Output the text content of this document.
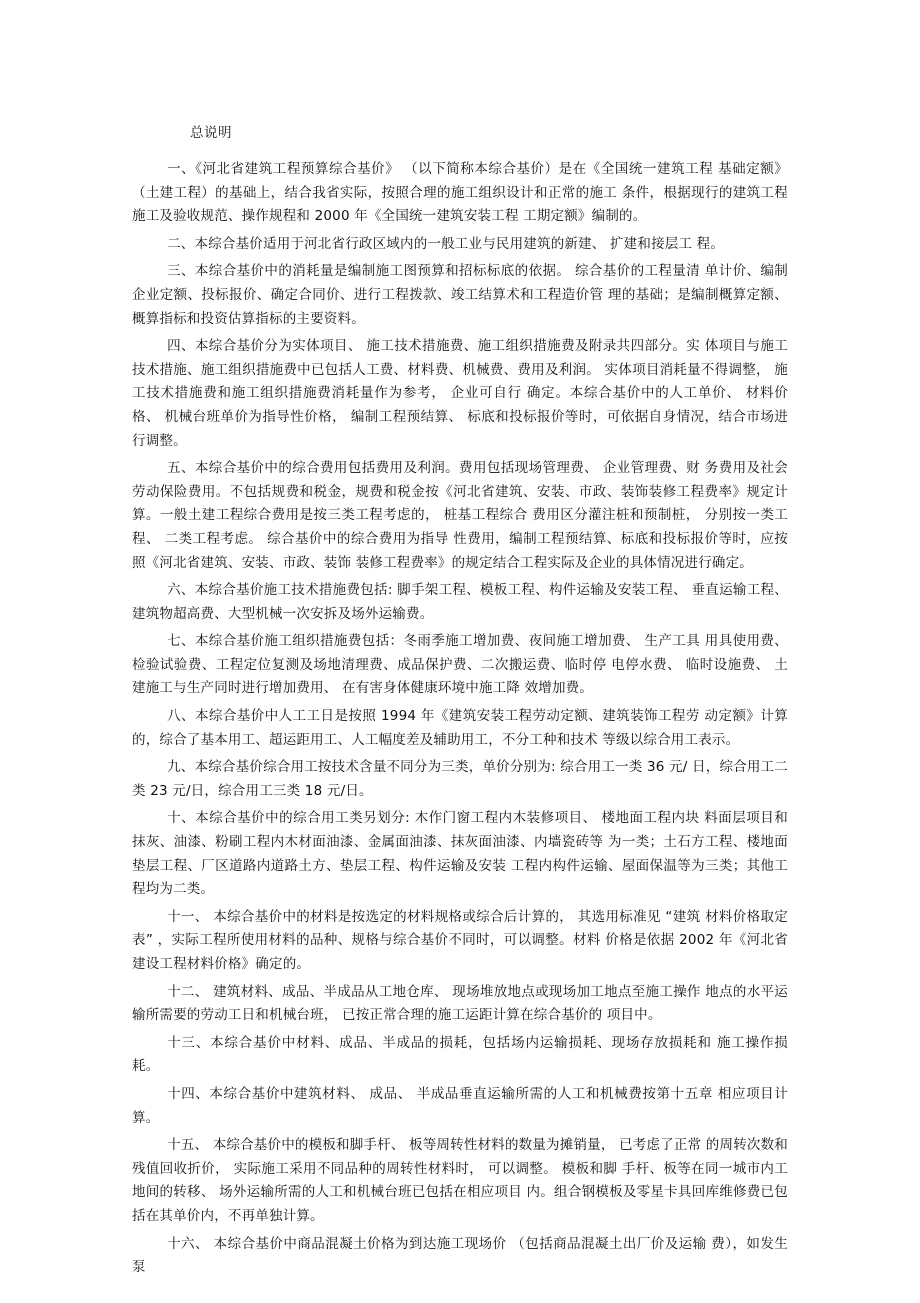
总说明

一、《河北省建筑工程预算综合基价》 （以下简称本综合基价）是在《全国统一建筑工程 基础定额》（土建工程）的基础上，结合我省实际，按照合理的施工组织设计和正常的施工 条件，根据现行的建筑工程施工及验收规范、操作规程和 2000 年《全国统一建筑安装工程 工期定额》编制的。

二、本综合基价适用于河北省行政区域内的一般工业与民用建筑的新建、 扩建和接层工 程。

三、本综合基价中的消耗量是编制施工图预算和招标标底的依据。 综合基价的工程量清 单计价、编制企业定额、投标报价、确定合同价、进行工程拨款、竣工结算术和工程造价管 理的基础；是编制概算定额、概算指标和投资估算指标的主要资料。

四、本综合基价分为实体项目、 施工技术措施费、施工组织措施费及附录共四部分。实 体项目与施工技术措施、施工组织措施费中已包括人工费、材料费、机械费、费用及利润。 实体项目消耗量不得调整， 施工技术措施费和施工组织措施费消耗量作为参考， 企业可自行 确定。本综合基价中的人工单价、 材料价格、 机械台班单价为指导性价格， 编制工程预结算、 标底和投标报价等时，可依据自身情况，结合市场进行调整。

五、本综合基价中的综合费用包括费用及利润。费用包括现场管理费、 企业管理费、财 务费用及社会劳动保险费用。不包括规费和税金，规费和税金按《河北省建筑、安装、市政、装饰装修工程费率》规定计算。一般土建工程综合费用是按三类工程考虑的， 桩基工程综合 费用区分灌注桩和预制桩， 分别按一类工程、 二类工程考虑。 综合基价中的综合费用为指导 性费用，编制工程预结算、标底和投标报价等时，应按照《河北省建筑、安装、市政、装饰 装修工程费率》的规定结合工程实际及企业的具体情况进行确定。

六、本综合基价施工技术措施费包括: 脚手架工程、模板工程、构件运输及安装工程、 垂直运输工程、建筑物超高费、大型机械一次安拆及场外运输费。

七、本综合基价施工组织措施费包括：冬雨季施工增加费、夜间施工增加费、 生产工具 用具使用费、检验试验费、工程定位复测及场地清理费、成品保护费、二次搬运费、临时停 电停水费、 临时设施费、 土建施工与生产同时进行增加费用、 在有害身体健康环境中施工降 效增加费。

八、本综合基价中人工工日是按照 1994 年《建筑安装工程劳动定额、建筑装饰工程劳 动定额》计算的，综合了基本用工、超运距用工、人工幅度差及辅助用工，不分工种和技术 等级以综合用工表示。

九、本综合基价综合用工按技术含量不同分为三类，单价分别为: 综合用工一类 36 元/ 日，综合用工二类 23 元/日，综合用工三类 18 元/日。

十、本综合基价中的综合用工类另划分: 木作门窗工程内木装修项目、 楼地面工程内块 料面层项目和抹灰、油漆、粉刷工程内木材面油漆、金属面油漆、抹灰面油漆、内墙瓷砖等 为一类；土石方工程、楼地面垫层工程、厂区道路内道路土方、垫层工程、构件运输及安装 工程内构件运输、屋面保温等为三类；其他工程均为二类。

十一、 本综合基价中的材料是按选定的材料规格或综合后计算的， 其选用标准见 “建筑 材料价格取定表” ，实际工程所使用材料的品种、规格与综合基价不同时，可以调整。材料 价格是依据 2002 年《河北省建设工程材料价格》确定的。

十二、 建筑材料、成品、半成品从工地仓库、 现场堆放地点或现场加工地点至施工操作 地点的水平运输所需要的劳动工日和机械台班， 已按正常合理的施工运距计算在综合基价的 项目中。

十三、本综合基价中材料、成品、半成品的损耗，包括场内运输损耗、现场存放损耗和 施工操作损耗。

十四、本综合基价中建筑材料、 成品、 半成品垂直运输所需的人工和机械费按第十五章 相应项目计算。

十五、 本综合基价中的模板和脚手杆、 板等周转性材料的数量为摊销量， 已考虑了正常 的周转次数和残值回收折价， 实际施工采用不同品种的周转性材料时， 可以调整。 模板和脚 手杆、板等在同一城市内工地间的转移、 场外运输所需的人工和机械台班已包括在相应项目 内。组合钢模板及零星卡具回库维修费已包括在其单价内，不再单独计算。

十六、 本综合基价中商品混凝土价格为到达施工现场价 （包括商品混凝土出厂价及运输 费），如发生泵
